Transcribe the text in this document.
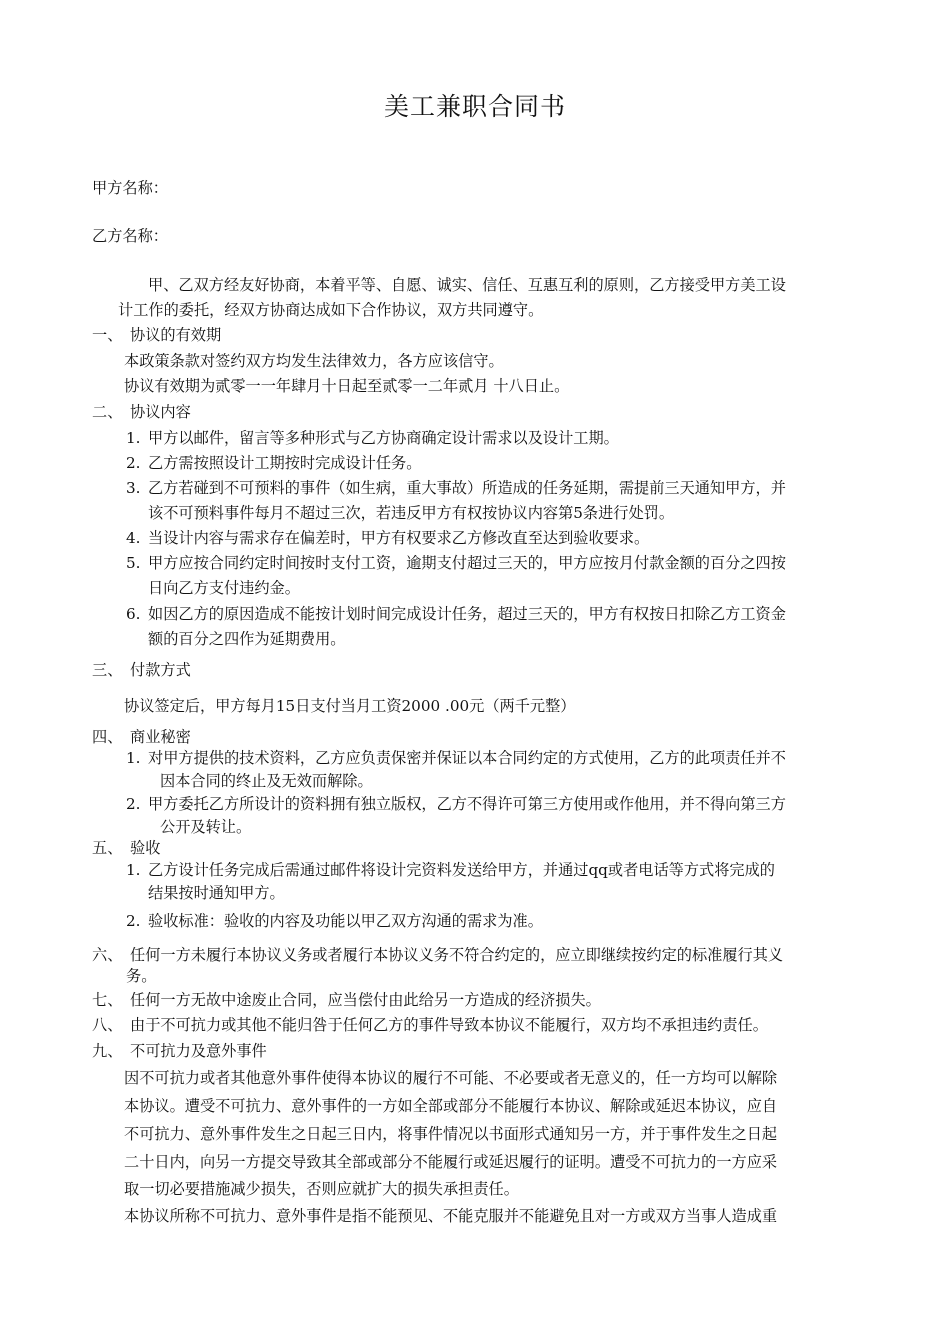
美工兼职合同书
甲方名称：
乙方名称：
甲、乙双方经友好协商，本着平等、自愿、诚实、信任、互惠互利的原则，乙方接受甲方美工设
计工作的委托，经双方协商达成如下合作协议，双方共同遵守。
一、 协议的有效期
本政策条款对签约双方均发生法律效力，各方应该信守。
协议有效期为贰零一一年肆月十日起至贰零一二年贰月 十八日止。
二、 协议内容
1. 甲方以邮件，留言等多种形式与乙方协商确定设计需求以及设计工期。
2. 乙方需按照设计工期按时完成设计任务。
3. 乙方若碰到不可预料的事件（如生病，重大事故）所造成的任务延期，需提前三天通知甲方，并
该不可预料事件每月不超过三次，若违反甲方有权按协议内容第5条进行处罚。
4. 当设计内容与需求存在偏差时，甲方有权要求乙方修改直至达到验收要求。
5. 甲方应按合同约定时间按时支付工资，逾期支付超过三天的，甲方应按月付款金额的百分之四按
日向乙方支付违约金。
6. 如因乙方的原因造成不能按计划时间完成设计任务，超过三天的，甲方有权按日扣除乙方工资金
额的百分之四作为延期费用。
三、 付款方式
协议签定后，甲方每月15日支付当月工资2000 .00元（两千元整）
四、 商业秘密
1. 对甲方提供的技术资料，乙方应负责保密并保证以本合同约定的方式使用，乙方的此项责任并不
因本合同的终止及无效而解除。
2. 甲方委托乙方所设计的资料拥有独立版权，乙方不得许可第三方使用或作他用，并不得向第三方
公开及转让。
五、 验收
1. 乙方设计任务完成后需通过邮件将设计完资料发送给甲方，并通过qq或者电话等方式将完成的
结果按时通知甲方。
2. 验收标准：验收的内容及功能以甲乙双方沟通的需求为准。
六、 任何一方未履行本协议义务或者履行本协议义务不符合约定的，应立即继续按约定的标准履行其义
务。
七、 任何一方无故中途废止合同，应当偿付由此给另一方造成的经济损失。
八、 由于不可抗力或其他不能归咎于任何乙方的事件导致本协议不能履行，双方均不承担违约责任。
九、 不可抗力及意外事件
因不可抗力或者其他意外事件使得本协议的履行不可能、不必要或者无意义的，任一方均可以解除
本协议。遭受不可抗力、意外事件的一方如全部或部分不能履行本协议、解除或延迟本协议，应自
不可抗力、意外事件发生之日起三日内，将事件情况以书面形式通知另一方，并于事件发生之日起
二十日内，向另一方提交导致其全部或部分不能履行或延迟履行的证明。遭受不可抗力的一方应采
取一切必要措施减少损失，否则应就扩大的损失承担责任。
本协议所称不可抗力、意外事件是指不能预见、不能克服并不能避免且对一方或双方当事人造成重
